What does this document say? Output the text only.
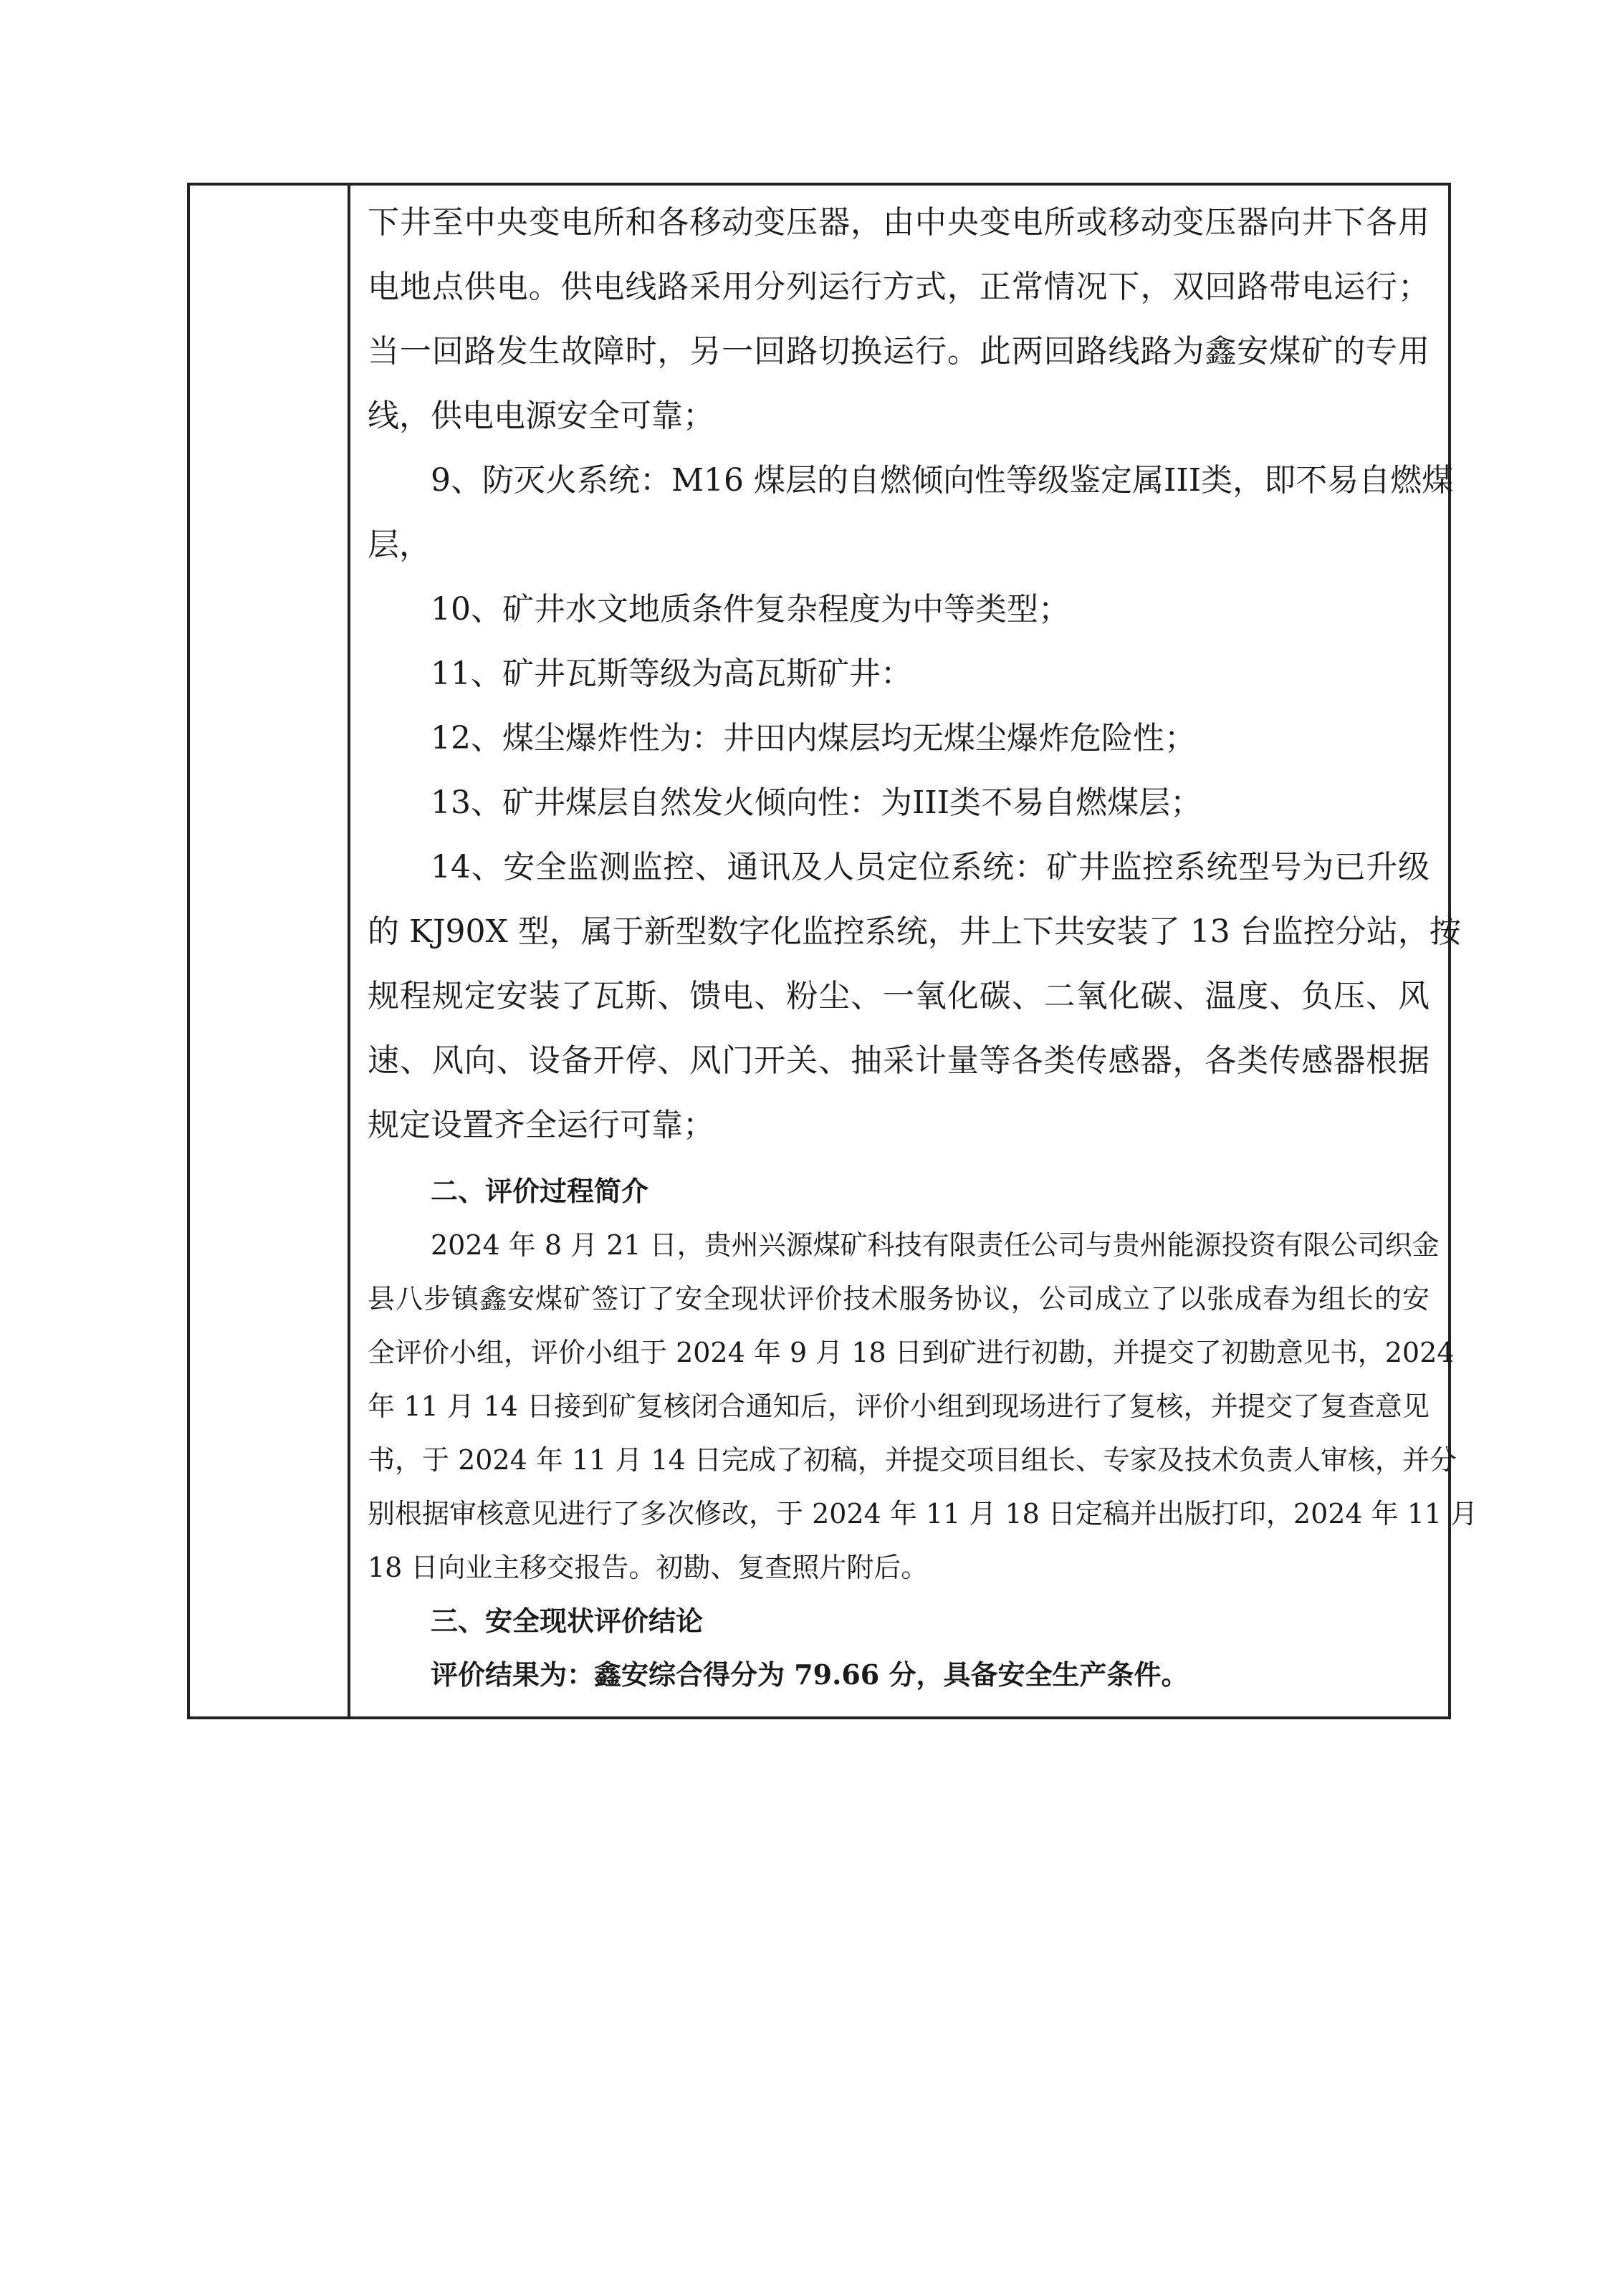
下井至中央变电所和各移动变压器，由中央变电所或移动变压器向井下各用
电地点供电。供电线路采用分列运行方式，正常情况下，双回路带电运行；
当一回路发生故障时，另一回路切换运行。此两回路线路为鑫安煤矿的专用
线，供电电源安全可靠；
9、防灭火系统：M16 煤层的自燃倾向性等级鉴定属III类，即不易自燃煤
层，
10、矿井水文地质条件复杂程度为中等类型；
11、矿井瓦斯等级为高瓦斯矿井：
12、煤尘爆炸性为：井田内煤层均无煤尘爆炸危险性；
13、矿井煤层自然发火倾向性：为III类不易自燃煤层；
14、安全监测监控、通讯及人员定位系统：矿井监控系统型号为已升级
的 KJ90X 型，属于新型数字化监控系统，井上下共安装了 13 台监控分站，按
规程规定安装了瓦斯、馈电、粉尘、一氧化碳、二氧化碳、温度、负压、风
速、风向、设备开停、风门开关、抽采计量等各类传感器，各类传感器根据
规定设置齐全运行可靠；
二、评价过程简介
2024 年 8 月 21 日，贵州兴源煤矿科技有限责任公司与贵州能源投资有限公司织金
县八步镇鑫安煤矿签订了安全现状评价技术服务协议，公司成立了以张成春为组长的安
全评价小组，评价小组于 2024 年 9 月 18 日到矿进行初勘，并提交了初勘意见书，2024
年 11 月 14 日接到矿复核闭合通知后，评价小组到现场进行了复核，并提交了复查意见
书，于 2024 年 11 月 14 日完成了初稿，并提交项目组长、专家及技术负责人审核，并分
别根据审核意见进行了多次修改，于 2024 年 11 月 18 日定稿并出版打印，2024 年 11 月
18 日向业主移交报告。初勘、复查照片附后。
三、安全现状评价结论
评价结果为：鑫安综合得分为 79.66 分，具备安全生产条件。
